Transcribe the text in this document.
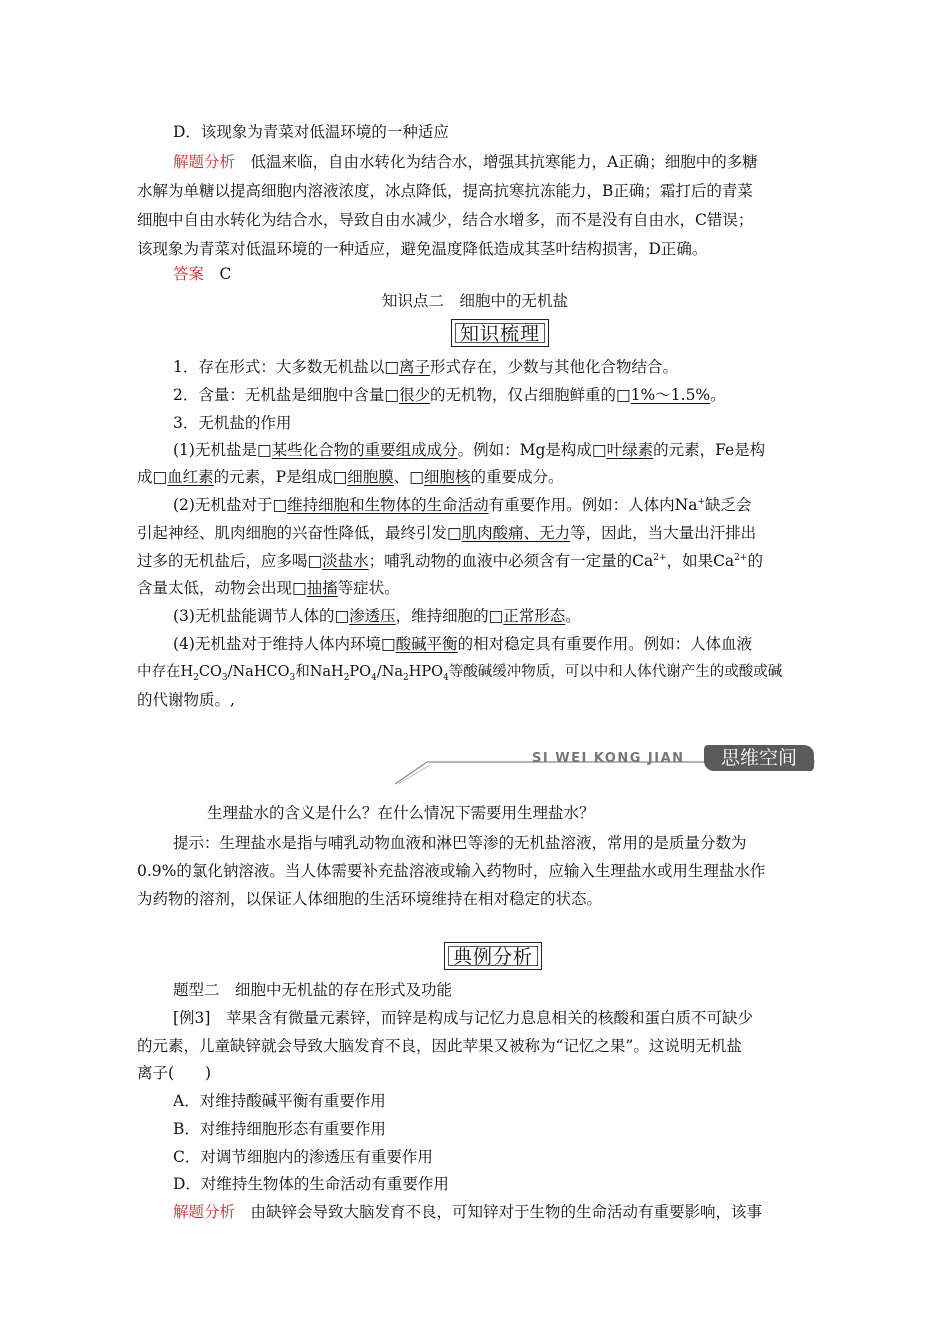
D．该现象为青菜对低温环境的一种适应
解题分析　低温来临，自由水转化为结合水，增强其抗寒能力，A正确；细胞中的多糖
水解为单糖以提高细胞内溶液浓度，冰点降低，提高抗寒抗冻能力，B正确；霜打后的青菜
细胞中自由水转化为结合水，导致自由水减少，结合水增多，而不是没有自由水，C错误；
该现象为青菜对低温环境的一种适应，避免温度降低造成其茎叶结构损害，D正确。
答案　C
知识点二　细胞中的无机盐
知识梳理
1．存在形式：大多数无机盐以□离子形式存在，少数与其他化合物结合。
2．含量：无机盐是细胞中含量□很少的无机物，仅占细胞鲜重的□1%～1.5%。
3．无机盐的作用
(1)无机盐是□某些化合物的重要组成成分。例如：Mg是构成□叶绿素的元素，Fe是构
成□血红素的元素，P是组成□细胞膜、□细胞核的重要成分。
(2)无机盐对于□维持细胞和生物体的生命活动有重要作用。例如：人体内Na+缺乏会
引起神经、肌肉细胞的兴奋性降低，最终引发□肌肉酸痛、无力等，因此，当大量出汗排出
过多的无机盐后，应多喝□淡盐水；哺乳动物的血液中必须含有一定量的$Ca^{2+}$，如果$Ca^{2+}$的
含量太低，动物会出现□抽搐等症状。
(3)无机盐能调节人体的□渗透压，维持细胞的□正常形态。
(4)无机盐对于维持人体内环境□酸碱平衡的相对稳定具有重要作用。例如：人体血液
中存在$H_2CO_3/NaHCO_3$和$NaH_2PO_4/Na_2HPO_4$等酸碱缓冲物质，可以中和人体代谢产生的或酸或碱
的代谢物质。,
SI WEI KONG JIAN	思维空间
生理盐水的含义是什么？在什么情况下需要用生理盐水？
提示：生理盐水是指与哺乳动物血液和淋巴等渗的无机盐溶液，常用的是质量分数为
0.9%的氯化钠溶液。当人体需要补充盐溶液或输入药物时，应输入生理盐水或用生理盐水作
为药物的溶剂，以保证人体细胞的生活环境维持在相对稳定的状态。
典例分析
题型二　细胞中无机盐的存在形式及功能
[例3]　苹果含有微量元素锌，而锌是构成与记忆力息息相关的核酸和蛋白质不可缺少
的元素，儿童缺锌就会导致大脑发育不良，因此苹果又被称为“记忆之果”。这说明无机盐
离子(　　)
A．对维持酸碱平衡有重要作用
B．对维持细胞形态有重要作用
C．对调节细胞内的渗透压有重要作用
D．对维持生物体的生命活动有重要作用
解题分析　由缺锌会导致大脑发育不良，可知锌对于生物的生命活动有重要影响，该事
